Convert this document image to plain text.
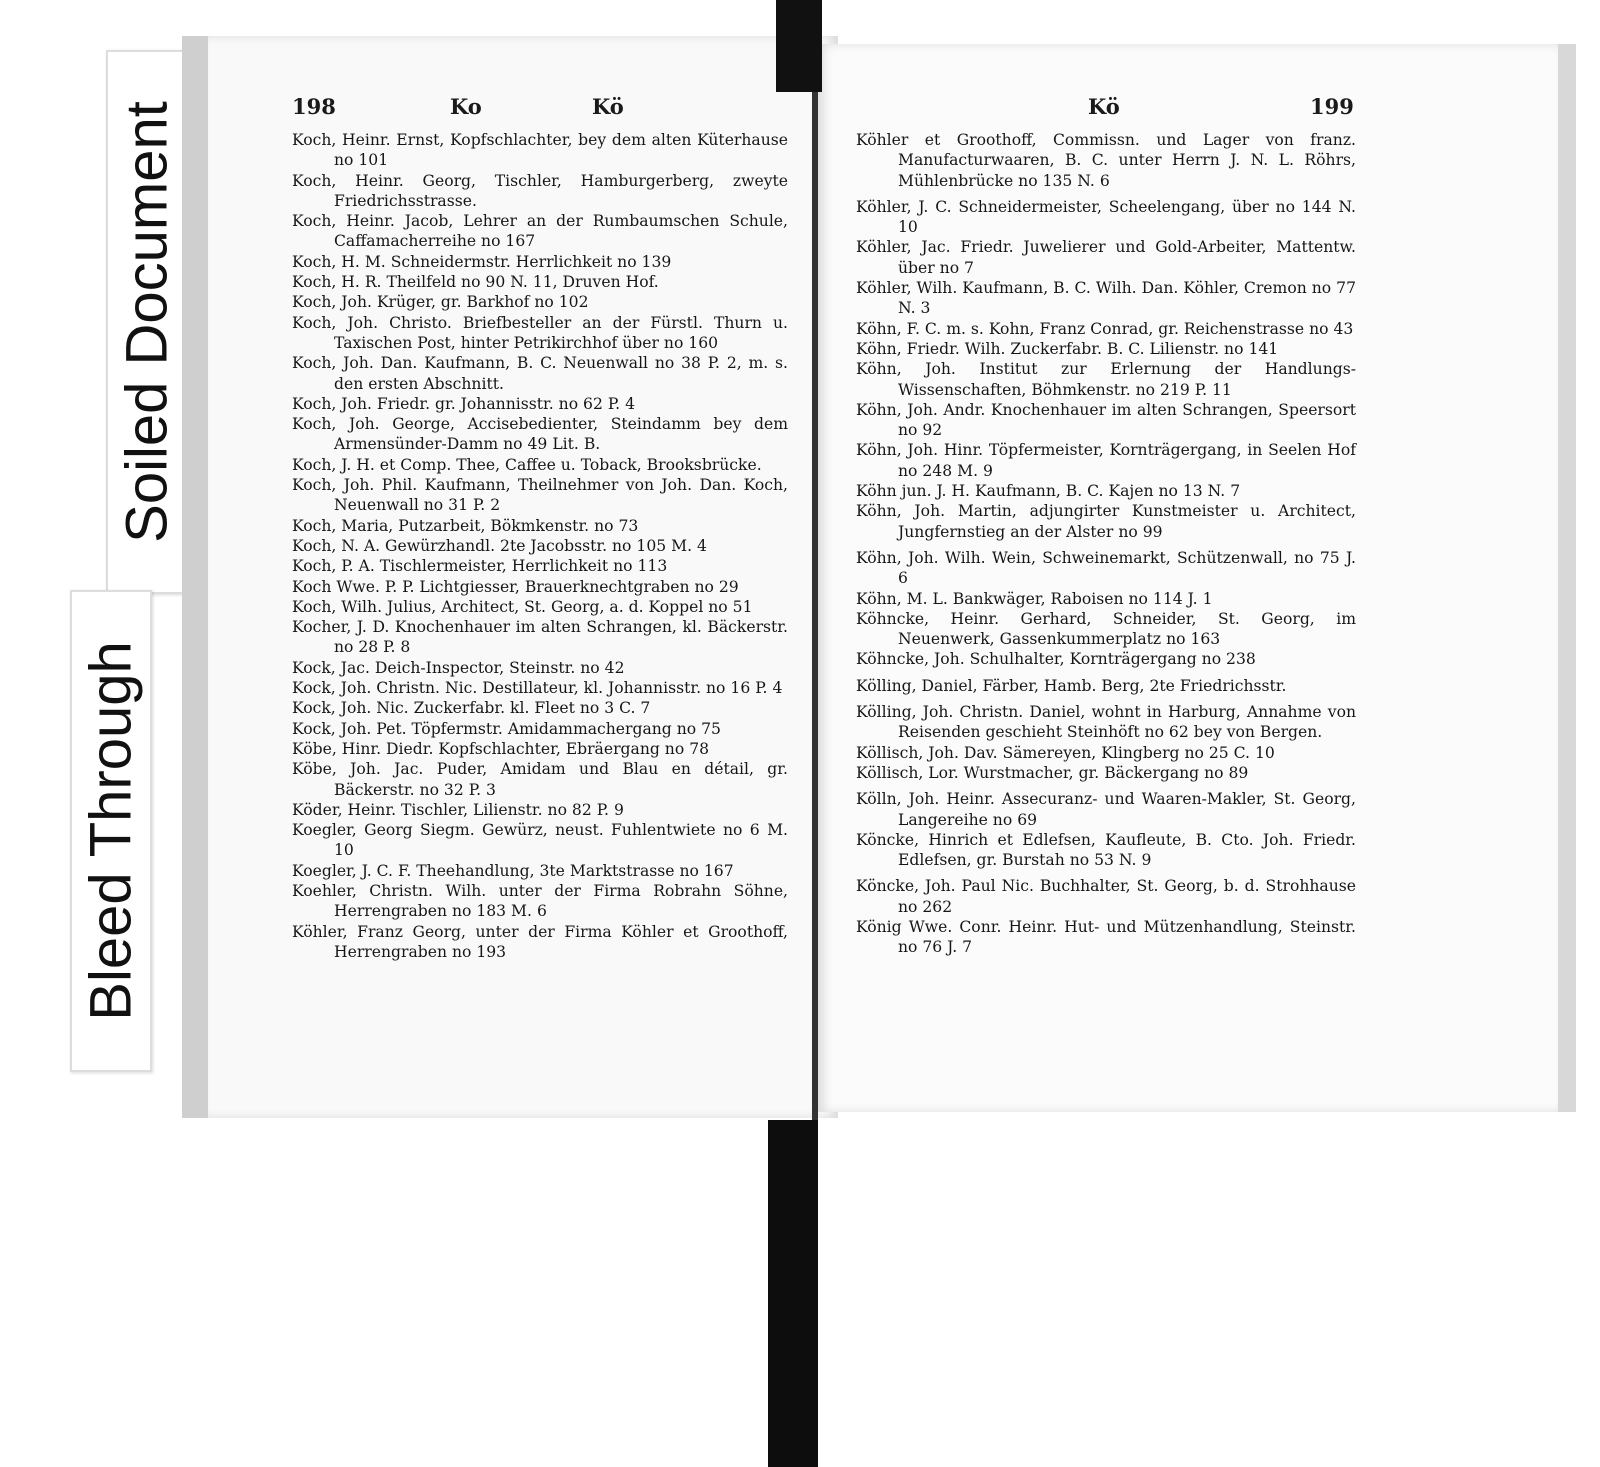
Soiled Document
Bleed Through
198	Ko	Kö	Kö	199

Koch, Heinr. Ernst, Kopfschlachter, bey dem alten Küterhause no 101

Koch, Heinr. Georg, Tischler, Hamburgerberg, zweyte Friedrichsstrasse.

Koch, Heinr. Jacob, Lehrer an der Rumbaumschen Schule, Caffamacherreihe no 167

Koch, H. M. Schneidermstr. Herrlichkeit no 139

Koch, H. R. Theilfeld no 90 N. 11, Druven Hof.

Koch, Joh. Krüger, gr. Barkhof no 102

Koch, Joh. Christo. Briefbesteller an der Fürstl. Thurn u. Taxischen Post, hinter Petrikirchhof über no 160

Koch, Joh. Dan. Kaufmann, B. C. Neuenwall no 38 P. 2, m. s. den ersten Abschnitt.

Koch, Joh. Friedr. gr. Johannisstr. no 62 P. 4

Koch, Joh. George, Accisebedienter, Steindamm bey dem Armensünder-Damm no 49 Lit. B.

Koch, J. H. et Comp. Thee, Caffee u. Toback, Brooksbrücke.

Koch, Joh. Phil. Kaufmann, Theilnehmer von Joh. Dan. Koch, Neuenwall no 31 P. 2

Koch, Maria, Putzarbeit, Bökmkenstr. no 73

Koch, N. A. Gewürzhandl. 2te Jacobsstr. no 105 M. 4

Koch, P. A. Tischlermeister, Herrlichkeit no 113

Koch Wwe. P. P. Lichtgiesser, Brauerknechtgraben no 29

Koch, Wilh. Julius, Architect, St. Georg, a. d. Koppel no 51

Kocher, J. D. Knochenhauer im alten Schrangen, kl. Bäckerstr. no 28 P. 8

Kock, Jac. Deich-Inspector, Steinstr. no 42

Kock, Joh. Christn. Nic. Destillateur, kl. Johannisstr. no 16 P. 4

Kock, Joh. Nic. Zuckerfabr. kl. Fleet no 3 C. 7

Kock, Joh. Pet. Töpfermstr. Amidammachergang no 75

Köbe, Hinr. Diedr. Kopfschlachter, Ebräergang no 78

Köbe, Joh. Jac. Puder, Amidam und Blau en détail, gr. Bäckerstr. no 32 P. 3

Köder, Heinr. Tischler, Lilienstr. no 82 P. 9

Koegler, Georg Siegm. Gewürz, neust. Fuhlentwiete no 6 M. 10

Koegler, J. C. F. Theehandlung, 3te Marktstrasse no 167

Koehler, Christn. Wilh. unter der Firma Robrahn Söhne, Herrengraben no 183 M. 6

Köhler, Franz Georg, unter der Firma Köhler et Groothoff, Herrengraben no 193

Köhler et Groothoff, Commissn. und Lager von franz. Manufacturwaaren, B. C. unter Herrn J. N. L. Röhrs, Mühlenbrücke no 135 N. 6

Köhler, J. C. Schneidermeister, Scheelengang, über no 144 N. 10

Köhler, Jac. Friedr. Juwelierer und Gold-Arbeiter, Mattentw. über no 7

Köhler, Wilh. Kaufmann, B. C. Wilh. Dan. Köhler, Cremon no 77 N. 3

Köhn, F. C. m. s. Kohn, Franz Conrad, gr. Reichenstrasse no 43

Köhn, Friedr. Wilh. Zuckerfabr. B. C. Lilienstr. no 141

Köhn, Joh. Institut zur Erlernung der Handlungs-Wissenschaften, Böhmkenstr. no 219 P. 11

Köhn, Joh. Andr. Knochenhauer im alten Schrangen, Speersort no 92

Köhn, Joh. Hinr. Töpfermeister, Kornträgergang, in Seelen Hof no 248 M. 9

Köhn jun. J. H. Kaufmann, B. C. Kajen no 13 N. 7

Köhn, Joh. Martin, adjungirter Kunstmeister u. Architect, Jungfernstieg an der Alster no 99

Köhn, Joh. Wilh. Wein, Schweinemarkt, Schützenwall, no 75 J. 6

Köhn, M. L. Bankwäger, Raboisen no 114 J. 1

Köhncke, Heinr. Gerhard, Schneider, St. Georg, im Neuenwerk, Gassenkummerplatz no 163

Köhncke, Joh. Schulhalter, Kornträgergang no 238

Kölling, Daniel, Färber, Hamb. Berg, 2te Friedrichsstr.

Kölling, Joh. Christn. Daniel, wohnt in Harburg, Annahme von Reisenden geschieht Steinhöft no 62 bey von Bergen.

Köllisch, Joh. Dav. Sämereyen, Klingberg no 25 C. 10

Köllisch, Lor. Wurstmacher, gr. Bäckergang no 89

Kölln, Joh. Heinr. Assecuranz- und Waaren-Makler, St. Georg, Langereihe no 69

Köncke, Hinrich et Edlefsen, Kaufleute, B. Cto. Joh. Friedr. Edlefsen, gr. Burstah no 53 N. 9

Köncke, Joh. Paul Nic. Buchhalter, St. Georg, b. d. Strohhause no 262

König Wwe. Conr. Heinr. Hut- und Mützenhandlung, Steinstr. no 76 J. 7
